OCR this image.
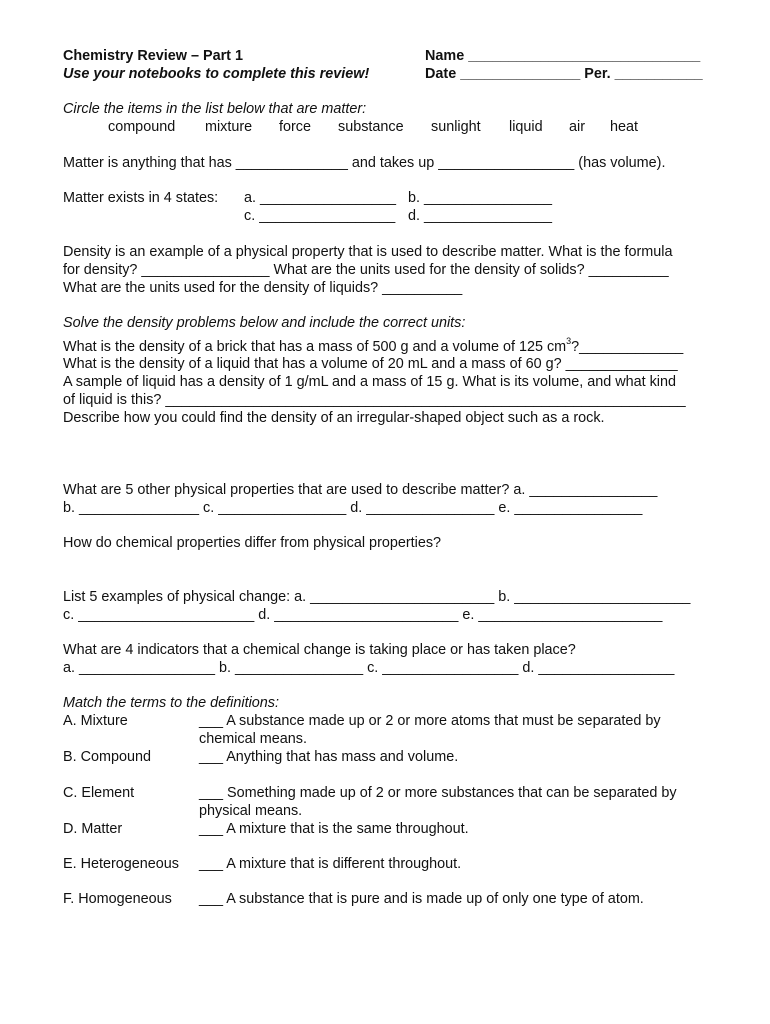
Chemistry Review – Part 1
Use your notebooks to complete this review!
Name _____________________________
Date _______________ Per. ___________
Circle the items in the list below that are matter:
compound mixture force substance sunlight liquid air heat
Matter is anything that has ______________ and takes up _________________ (has volume).
Matter exists in 4 states: a. _________________ b. ________________
c. _________________ d. ________________
Density is an example of a physical property that is used to describe matter. What is the formula
for density? ________________ What are the units used for the density of solids? __________
What are the units used for the density of liquids? __________
Solve the density problems below and include the correct units:
What is the density of a brick that has a mass of 500 g and a volume of 125 $cm^3?\_\_\_\_\_\_\_\_\_\_\_\_\_$
What is the density of a liquid that has a volume of 20 mL and a mass of 60 g? ______________
A sample of liquid has a density of 1 g/mL and a mass of 15 g. What is its volume, and what kind
of liquid is this? _________________________________________________________________
Describe how you could find the density of an irregular-shaped object such as a rock.
What are 5 other physical properties that are used to describe matter? a. ________________
b. _______________ c. ________________ d. ________________ e. ________________
How do chemical properties differ from physical properties?
List 5 examples of physical change: a. _______________________ b. ______________________
c. ______________________ d. _______________________ e. _______________________
What are 4 indicators that a chemical change is taking place or has taken place?
a. _________________ b. ________________ c. _________________ d. _________________
Match the terms to the definitions:
A. Mixture	___ A substance made up or 2 or more atoms that must be separated by
chemical means.
B. Compound	___ Anything that has mass and volume.
C. Element	___ Something made up of 2 or more substances that can be separated by
physical means.
D. Matter	___ A mixture that is the same throughout.
E. Heterogeneous ___ A mixture that is different throughout.
F. Homogeneous ___ A substance that is pure and is made up of only one type of atom.
